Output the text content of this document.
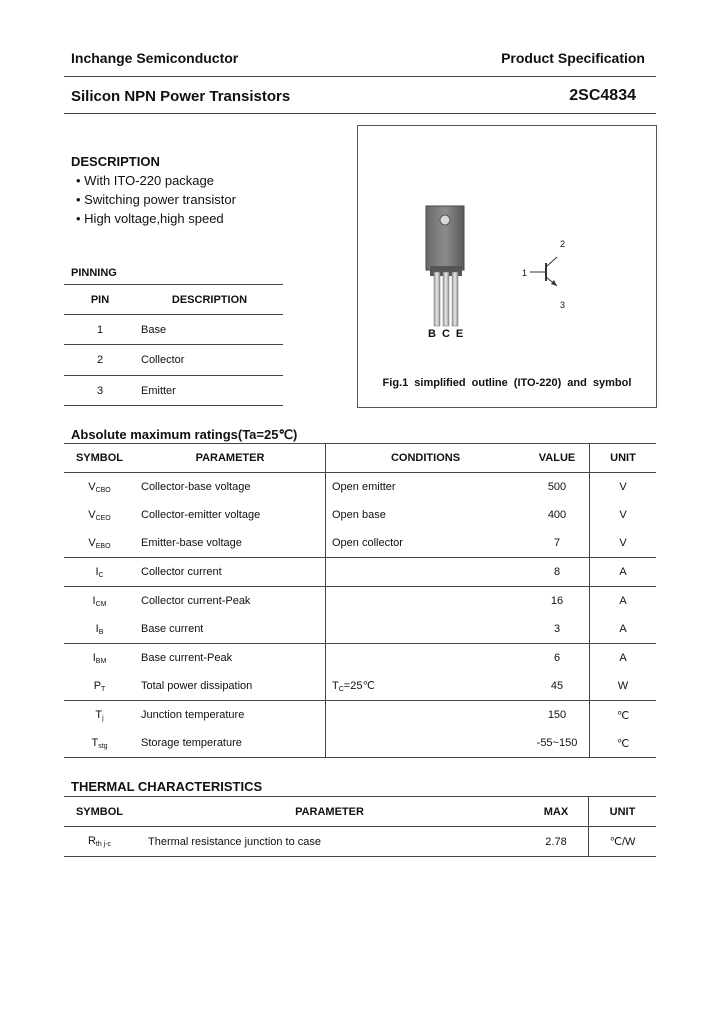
Inchange Semiconductor	Product Specification
Silicon NPN Power Transistors	2SC4834
DESCRIPTION
• With ITO-220 package
• Switching power transistor
• High voltage,high speed
PINNING
PIN	DESCRIPTION
1	Base
2	Collector
3	Emitter
BCE
1
2
3
Fig.1 simplified outline (ITO-220) and symbol
Absolute maximum ratings(Ta=25℃)
SYMBOL	PARAMETER	CONDITIONS	VALUE	UNIT
$V_{CBO}$	Collector-base voltage	Open emitter	500	V
$V_{CEO}$	Collector-emitter voltage	Open base	400	V
$V_{EBO}$	Emitter-base voltage	Open collector	7	V
$I_C$	Collector current		8	A
$I_{CM}$	Collector current-Peak		16	A
$I_B$	Base current		3	A
$I_{BM}$	Base current-Peak		6	A
$P_T$	Total power dissipation	$T_C=25℃$	45	W
$T_j$	Junction temperature		150	℃
$T_{stg}$	Storage temperature		-55~150	℃
THERMAL CHARACTERISTICS
SYMBOL	PARAMETER	MAX	UNIT
$R_{th j-c}$	Thermal resistance junction to case	2.78	℃/W
